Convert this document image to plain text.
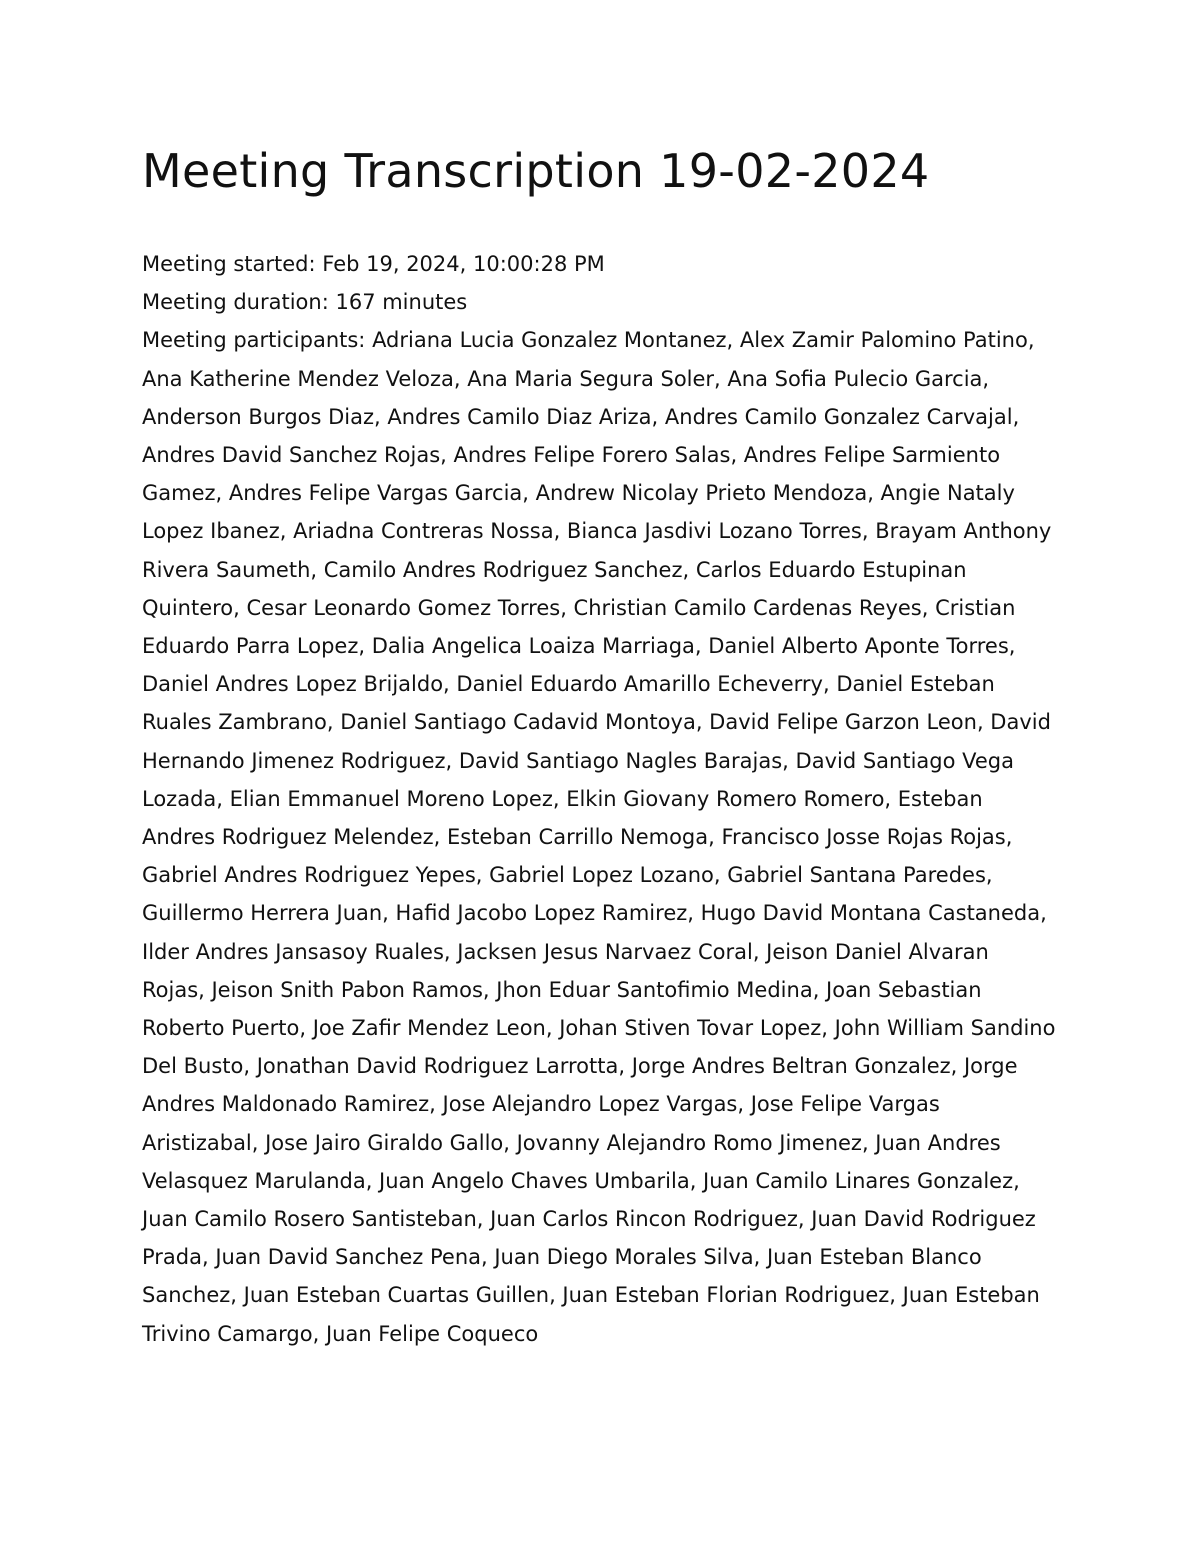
Meeting Transcription 19-02-2024
Meeting started: Feb 19, 2024, 10:00:28 PM
Meeting duration: 167 minutes
Meeting participants: Adriana Lucia Gonzalez Montanez, Alex Zamir Palomino Patino, Ana Katherine Mendez Veloza, Ana Maria Segura Soler, Ana Sofia Pulecio Garcia, Anderson Burgos Diaz, Andres Camilo Diaz Ariza, Andres Camilo Gonzalez Carvajal, Andres David Sanchez Rojas, Andres Felipe Forero Salas, Andres Felipe Sarmiento Gamez, Andres Felipe Vargas Garcia, Andrew Nicolay Prieto Mendoza, Angie Nataly Lopez Ibanez, Ariadna Contreras Nossa, Bianca Jasdivi Lozano Torres, Brayam Anthony Rivera Saumeth, Camilo Andres Rodriguez Sanchez, Carlos Eduardo Estupinan Quintero, Cesar Leonardo Gomez Torres, Christian Camilo Cardenas Reyes, Cristian Eduardo Parra Lopez, Dalia Angelica Loaiza Marriaga, Daniel Alberto Aponte Torres, Daniel Andres Lopez Brijaldo, Daniel Eduardo Amarillo Echeverry, Daniel Esteban Ruales Zambrano, Daniel Santiago Cadavid Montoya, David Felipe Garzon Leon, David Hernando Jimenez Rodriguez, David Santiago Nagles Barajas, David Santiago Vega Lozada, Elian Emmanuel Moreno Lopez, Elkin Giovany Romero Romero, Esteban Andres Rodriguez Melendez, Esteban Carrillo Nemoga, Francisco Josse Rojas Rojas, Gabriel Andres Rodriguez Yepes, Gabriel Lopez Lozano, Gabriel Santana Paredes, Guillermo Herrera Juan, Hafid Jacobo Lopez Ramirez, Hugo David Montana Castaneda, Ilder Andres Jansasoy Ruales, Jacksen Jesus Narvaez Coral, Jeison Daniel Alvaran Rojas, Jeison Snith Pabon Ramos, Jhon Eduar Santofimio Medina, Joan Sebastian Roberto Puerto, Joe Zafir Mendez Leon, Johan Stiven Tovar Lopez, John William Sandino Del Busto, Jonathan David Rodriguez Larrotta, Jorge Andres Beltran Gonzalez, Jorge Andres Maldonado Ramirez, Jose Alejandro Lopez Vargas, Jose Felipe Vargas Aristizabal, Jose Jairo Giraldo Gallo, Jovanny Alejandro Romo Jimenez, Juan Andres Velasquez Marulanda, Juan Angelo Chaves Umbarila, Juan Camilo Linares Gonzalez, Juan Camilo Rosero Santisteban, Juan Carlos Rincon Rodriguez, Juan David Rodriguez Prada, Juan David Sanchez Pena, Juan Diego Morales Silva, Juan Esteban Blanco Sanchez, Juan Esteban Cuartas Guillen, Juan Esteban Florian Rodriguez, Juan Esteban Trivino Camargo, Juan Felipe Coqueco
